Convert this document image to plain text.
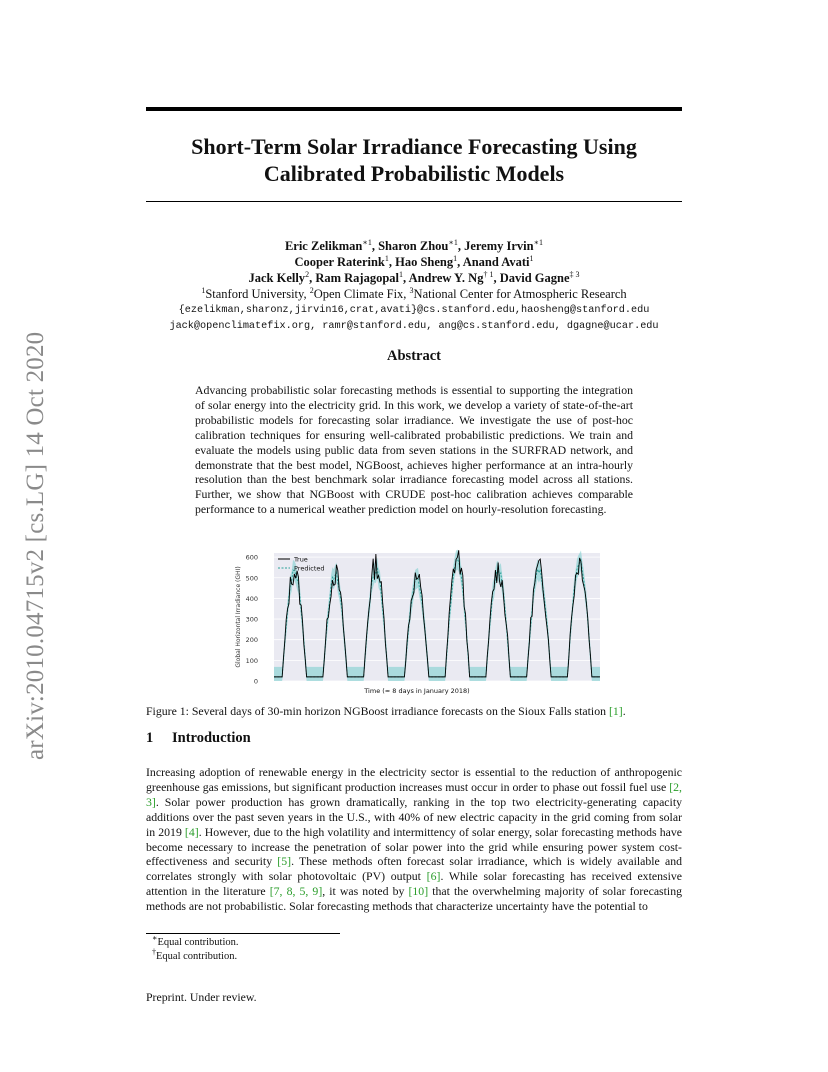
arXiv:2010.04715v2 [cs.LG] 14 Oct 2020
Short-Term Solar Irradiance Forecasting Using
Calibrated Probabilistic Models
Eric Zelikman$^{∗1}$, Sharon Zhou$^{∗1}$, Jeremy Irvin$^{∗1}$
Cooper Raterink$^1$, Hao Sheng$^1$, Anand Avati$^1$
Jack Kelly$^2$, Ram Rajagopal$^1$, Andrew Y. Ng$^{\dagger 1}$, David Gagne$^{\ddagger 3}$
$^1$Stanford University, $^2$Open Climate Fix, $^3$National Center for Atmospheric Research
{ezelikman,sharonz,jirvin16,crat,avati}@cs.stanford.edu,haosheng@stanford.edu
jack@openclimatefix.org, ramr@stanford.edu, ang@cs.stanford.edu, dgagne@ucar.edu
Abstract
Advancing probabilistic solar forecasting methods is essential to supporting the integration of solar energy into the electricity grid. In this work, we develop a variety of state-of-the-art probabilistic models for forecasting solar irradiance. We investigate the use of post-hoc calibration techniques for ensuring well-calibrated probabilistic predictions. We train and evaluate the models using public data from seven stations in the SURFRAD network, and demonstrate that the best model, NGBoost, achieves higher performance at an intra-hourly resolution than the best benchmark solar irradiance forecasting model across all stations. Further, we show that NGBoost with CRUDE post-hoc calibration achieves comparable performance to a numerical weather prediction model on hourly-resolution forecasting.
0
100
200
300
400
500
600
Global Horizontal Irradiance (GHI)
Time (≈ 8 days in January 2018)
True
Predicted
Figure 1: Several days of 30-min horizon NGBoost irradiance forecasts on the Sioux Falls station [1].
1 Introduction
Increasing adoption of renewable energy in the electricity sector is essential to the reduction of anthropogenic greenhouse gas emissions, but significant production increases must occur in order to phase out fossil fuel use [2, 3]. Solar power production has grown dramatically, ranking in the top two electricity-generating capacity additions over the past seven years in the U.S., with 40% of new electric capacity in the grid coming from solar in 2019 [4]. However, due to the high volatility and intermittency of solar energy, solar forecasting methods have become necessary to increase the penetration of solar power into the grid while ensuring power system cost-effectiveness and security [5]. These methods often forecast solar irradiance, which is widely available and correlates strongly with solar photovoltaic (PV) output [6]. While solar forecasting has received extensive attention in the literature [7, 8, 5, 9], it was noted by [10] that the overwhelming majority of solar forecasting methods are not probabilistic. Solar forecasting methods that characterize uncertainty have the potential to
∗Equal contribution.
†Equal contribution.
Preprint. Under review.
